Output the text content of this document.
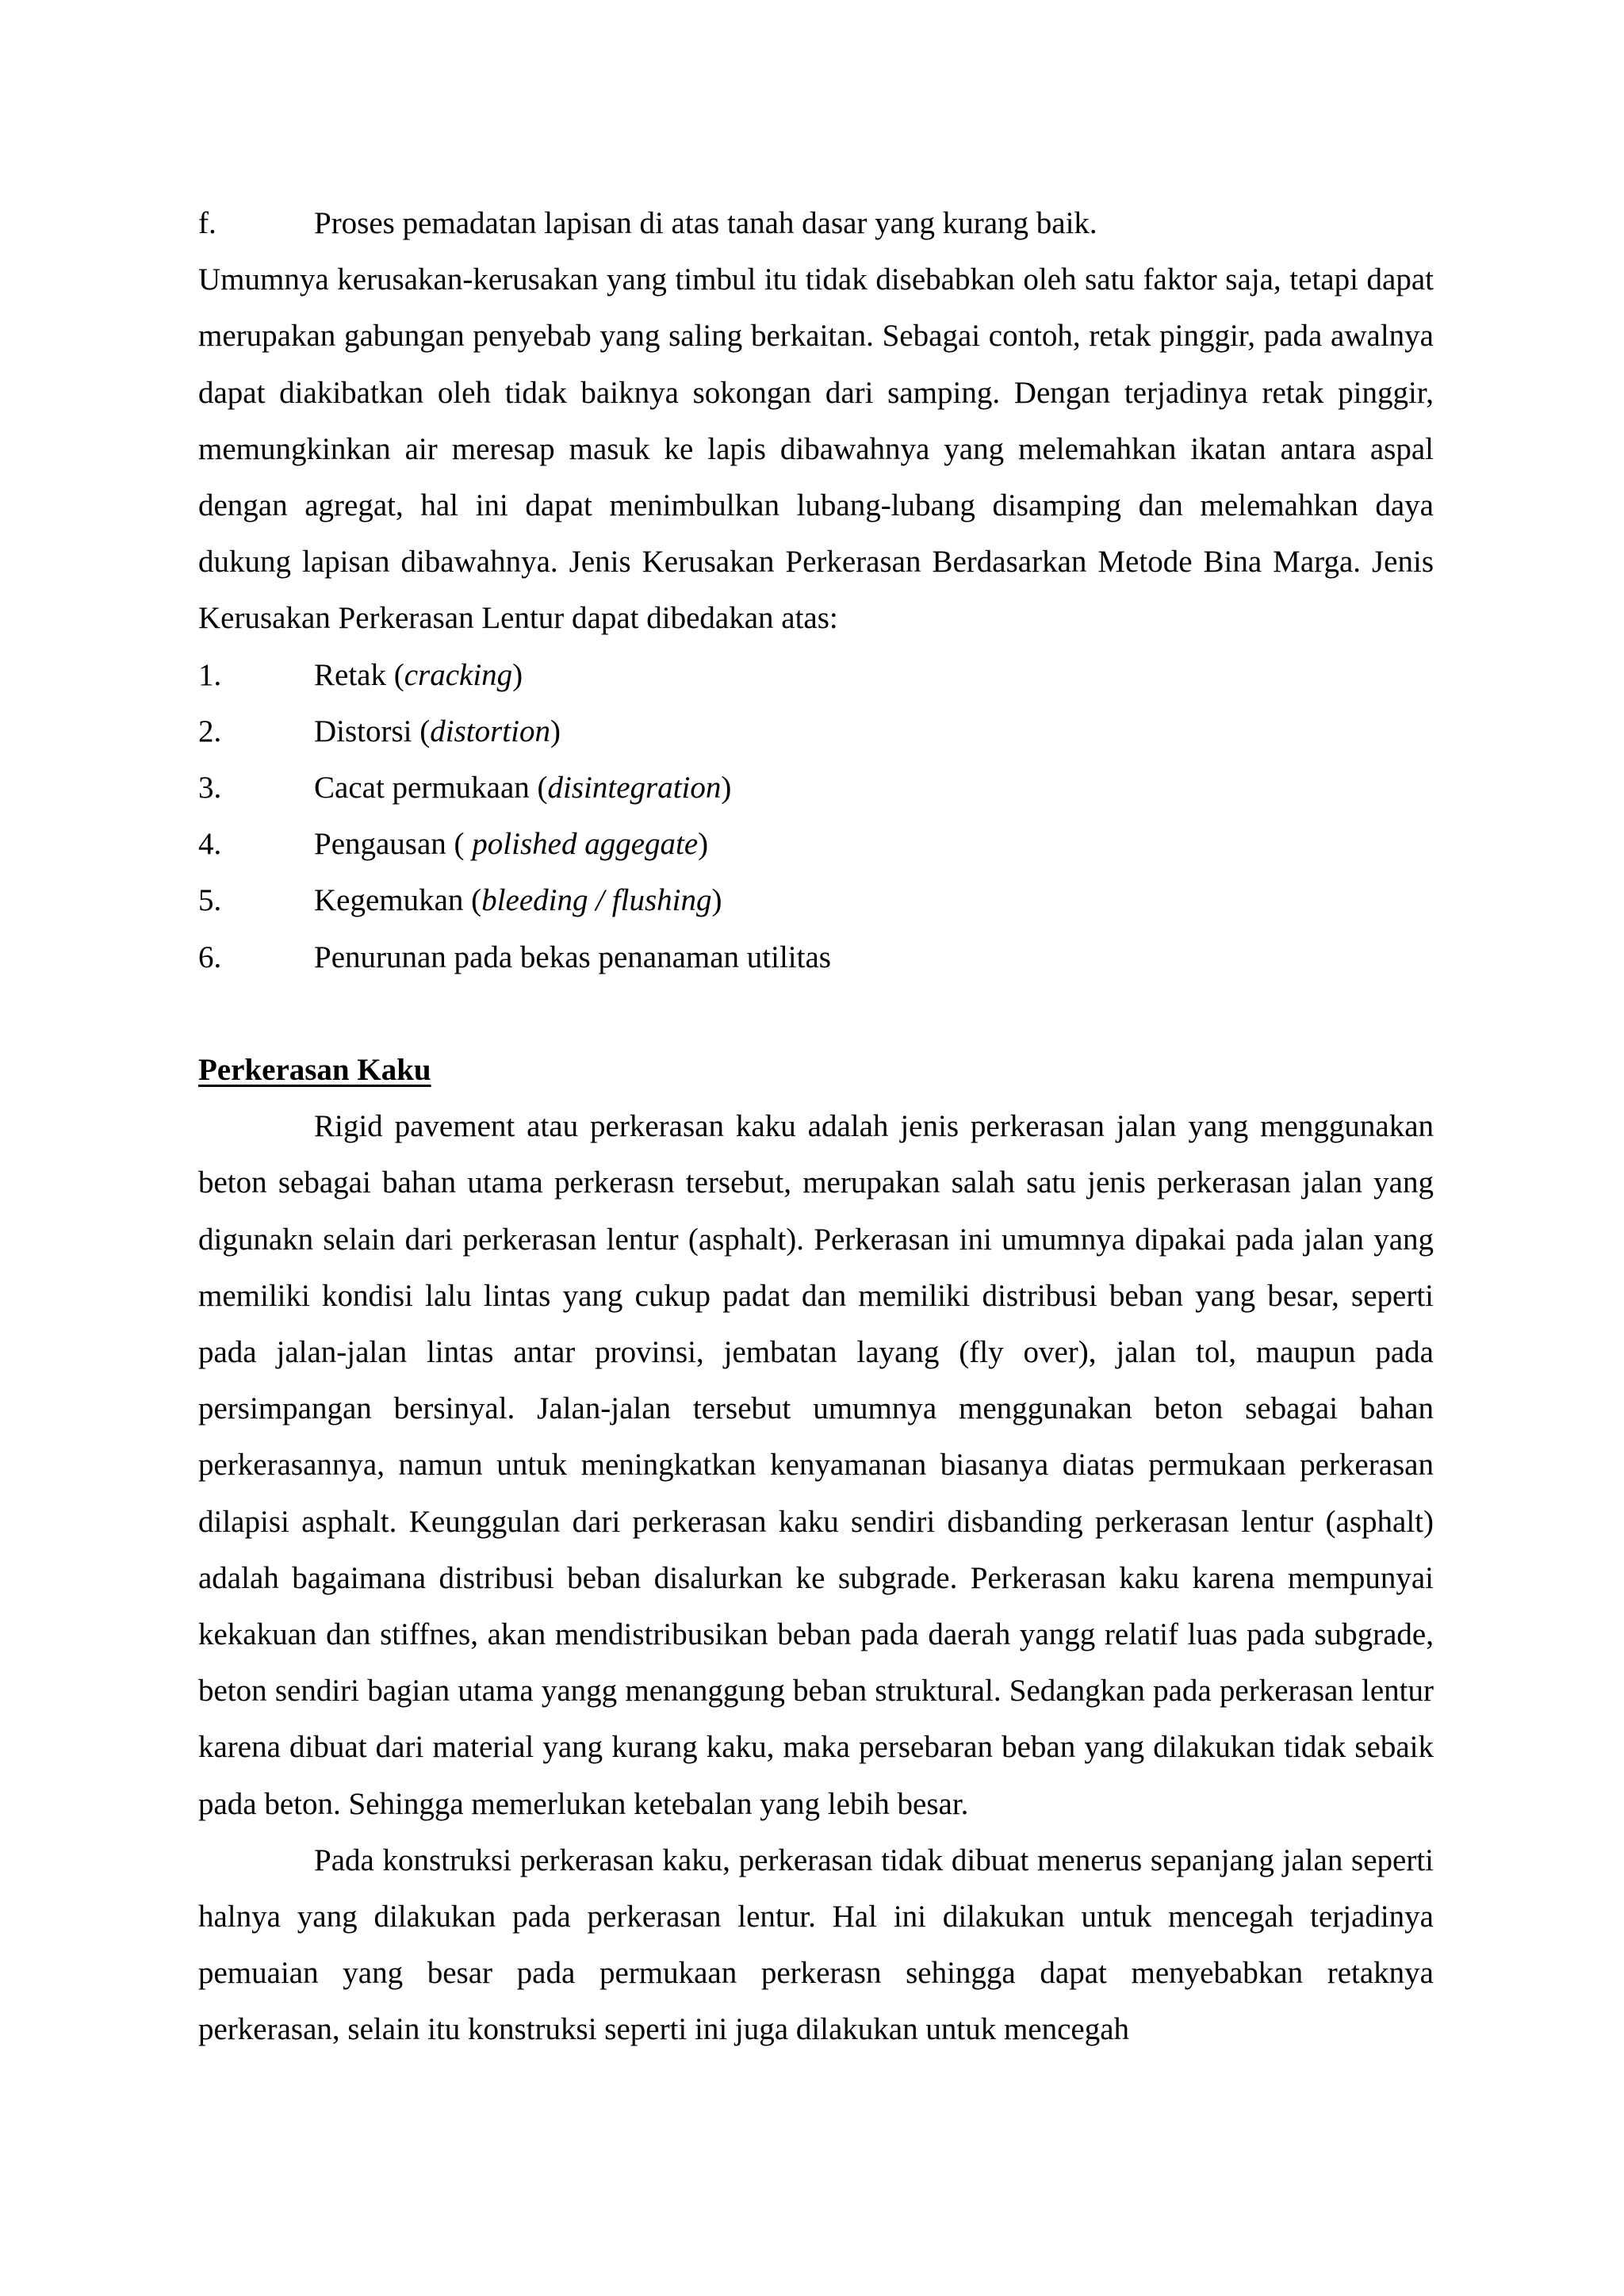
f.	Proses pemadatan lapisan di atas tanah dasar yang kurang baik.

Umumnya kerusakan-kerusakan yang timbul itu tidak disebabkan oleh satu faktor saja, tetapi dapat merupakan gabungan penyebab yang saling berkaitan. Sebagai contoh, retak pinggir, pada awalnya dapat diakibatkan oleh tidak baiknya sokongan dari samping. Dengan terjadinya retak pinggir, memungkinkan air meresap masuk ke lapis dibawahnya yang melemahkan ikatan antara aspal dengan agregat, hal ini dapat menimbulkan lubang-lubang disamping dan melemahkan daya dukung lapisan dibawahnya. Jenis Kerusakan Perkerasan Berdasarkan Metode Bina Marga. Jenis Kerusakan Perkerasan Lentur dapat dibedakan atas:

1.	Retak (cracking)
2.	Distorsi (distortion)
3.	Cacat permukaan (disintegration)
4.	Pengausan ( polished aggegate)
5.	Kegemukan (bleeding / flushing)
6.	Penurunan pada bekas penanaman utilitas
Perkerasan Kaku

Rigid pavement atau perkerasan kaku adalah jenis perkerasan jalan yang menggunakan beton sebagai bahan utama perkerasn tersebut, merupakan salah satu jenis perkerasan jalan yang digunakn selain dari perkerasan lentur (asphalt). Perkerasan ini umumnya dipakai pada jalan yang memiliki kondisi lalu lintas yang cukup padat dan memiliki distribusi beban yang besar, seperti pada jalan-jalan lintas antar provinsi, jembatan layang (fly over), jalan tol, maupun pada persimpangan bersinyal. Jalan-jalan tersebut umumnya menggunakan beton sebagai bahan perkerasannya, namun untuk meningkatkan kenyamanan biasanya diatas permukaan perkerasan dilapisi asphalt. Keunggulan dari perkerasan kaku sendiri disbanding perkerasan lentur (asphalt) adalah bagaimana distribusi beban disalurkan ke subgrade. Perkerasan kaku karena mempunyai kekakuan dan stiffnes, akan mendistribusikan beban pada daerah yangg relatif luas pada subgrade, beton sendiri bagian utama yangg menanggung beban struktural. Sedangkan pada perkerasan lentur karena dibuat dari material yang kurang kaku, maka persebaran beban yang dilakukan tidak sebaik pada beton. Sehingga memerlukan ketebalan yang lebih besar.

Pada konstruksi perkerasan kaku, perkerasan tidak dibuat menerus sepanjang jalan seperti halnya yang dilakukan pada perkerasan lentur. Hal ini dilakukan untuk mencegah terjadinya pemuaian yang besar pada permukaan perkerasn sehingga dapat menyebabkan retaknya perkerasan, selain itu konstruksi seperti ini juga dilakukan untuk mencegah
